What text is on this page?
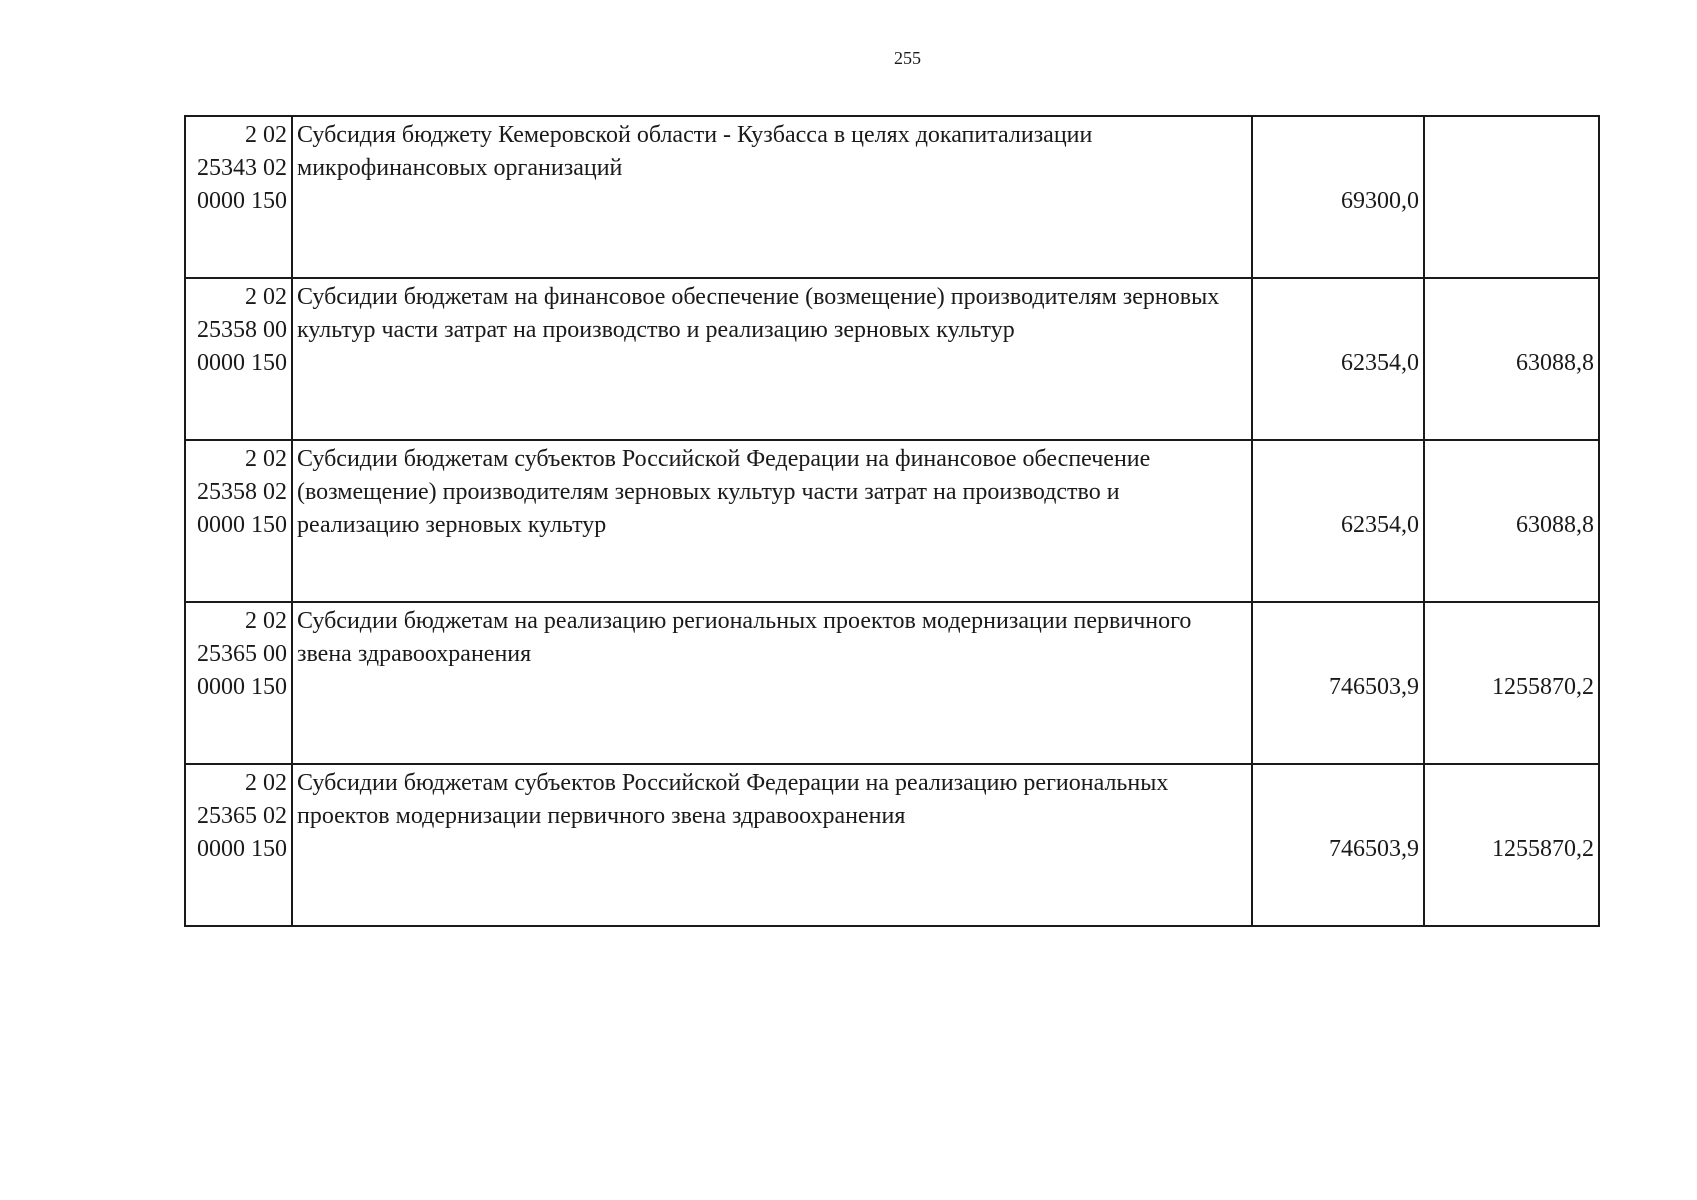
255
2 02
25343 02
0000 150	Субсидия бюджету Кемеровской области - Кузбасса в целях докапитализации микрофинансовых организаций	69300,0	

2 02
25358 00
0000 150	Субсидии бюджетам на финансовое обеспечение (возмещение) производителям зерновых культур части затрат на производство и реализацию зерновых культур	62354,0	63088,8

2 02
25358 02
0000 150	Субсидии бюджетам субъектов Российской Федерации на финансовое обеспечение (возмещение) производителям зерновых культур части затрат на производство и реализацию зерновых культур	62354,0	63088,8

2 02
25365 00
0000 150	Субсидии бюджетам на реализацию региональных проектов модернизации первичного звена здравоохранения	746503,9	1255870,2

2 02
25365 02
0000 150	Субсидии бюджетам субъектов Российской Федерации на реализацию региональных проектов модернизации первичного звена здравоохранения	746503,9	1255870,2
